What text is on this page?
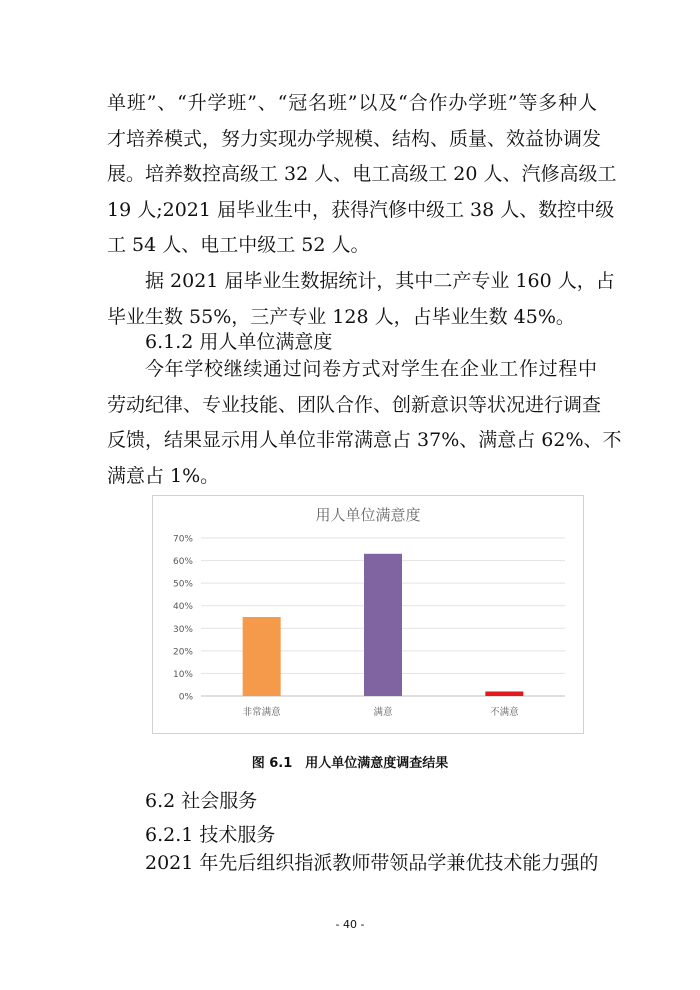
单班”、“升学班”、“冠名班”以及“合作办学班”等多种人
才培养模式，努力实现办学规模、结构、质量、效益协调发
展。培养数控高级工 32 人、电工高级工 20 人、汽修高级工
19 人;2021 届毕业生中，获得汽修中级工 38 人、数控中级
工 54 人、电工中级工 52 人。
据 2021 届毕业生数据统计，其中二产专业 160 人，占
毕业生数 55%，三产专业 128 人，占毕业生数 45%。
6.1.2 用人单位满意度
今年学校继续通过问卷方式对学生在企业工作过程中
劳动纪律、专业技能、团队合作、创新意识等状况进行调查
反馈，结果显示用人单位非常满意占 37%、满意占 62%、不
满意占 1%。
用人单位满意度
0%
10%
20%
30%
40%
50%
60%
70%
非常满意	满意	不满意
图 6.1　用人单位满意度调查结果
6.2 社会服务
6.2.1 技术服务
2021 年先后组织指派教师带领品学兼优技术能力强的
- 40 -
